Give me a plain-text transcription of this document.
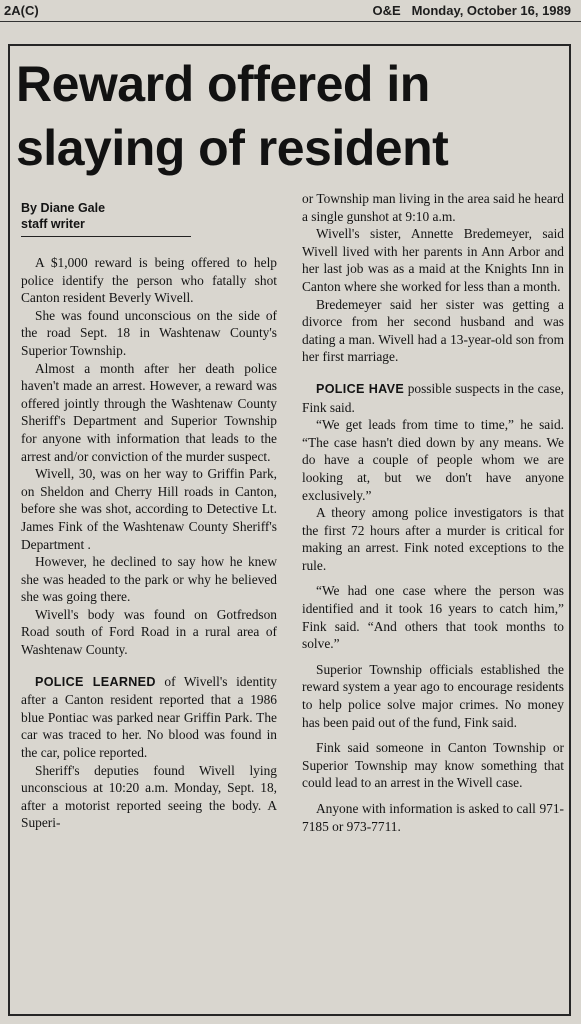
2A(C)	O&E Monday, October 16, 1989
Reward offered in slaying of resident
By Diane Gale
staff writer

A $1,000 reward is being offered to help police identify the person who fatally shot Canton resident Beverly Wivell.

She was found unconscious on the side of the road Sept. 18 in Washtenaw County's Superior Township.

Almost a month after her death police haven't made an arrest. However, a reward was offered jointly through the Washtenaw County Sheriff's Department and Superior Township for anyone with information that leads to the arrest and/or conviction of the murder suspect.

Wivell, 30, was on her way to Griffin Park, on Sheldon and Cherry Hill roads in Canton, before she was shot, according to Detective Lt. James Fink of the Washtenaw County Sheriff's Department .

However, he declined to say how he knew she was headed to the park or why he believed she was going there.

Wivell's body was found on Gotfredson Road south of Ford Road in a rural area of Washtenaw County.

POLICE LEARNED of Wivell's identity after a Canton resident reported that a 1986 blue Pontiac was parked near Griffin Park. The car was traced to her. No blood was found in the car, police reported.

Sheriff's deputies found Wivell lying unconscious at 10:20 a.m. Monday, Sept. 18, after a motorist reported seeing the body. A Superi-

or Township man living in the area said he heard a single gunshot at 9:10 a.m.

Wivell's sister, Annette Bredemeyer, said Wivell lived with her parents in Ann Arbor and her last job was as a maid at the Knights Inn in Canton where she worked for less than a month.

Bredemeyer said her sister was getting a divorce from her second husband and was dating a man. Wivell had a 13-year-old son from her first marriage.

POLICE HAVE possible suspects in the case, Fink said.

“We get leads from time to time,” he said. “The case hasn't died down by any means. We do have a couple of people whom we are looking at, but we don't have anyone exclusively.”

A theory among police investigators is that the first 72 hours after a murder is critical for making an arrest. Fink noted exceptions to the rule.

“We had one case where the person was identified and it took 16 years to catch him,” Fink said. “And others that took months to solve.”

Superior Township officials established the reward system a year ago to encourage residents to help police solve major crimes. No money has been paid out of the fund, Fink said.

Fink said someone in Canton Township or Superior Township may know something that could lead to an arrest in the Wivell case.

Anyone with information is asked to call 971-7185 or 973-7711.
